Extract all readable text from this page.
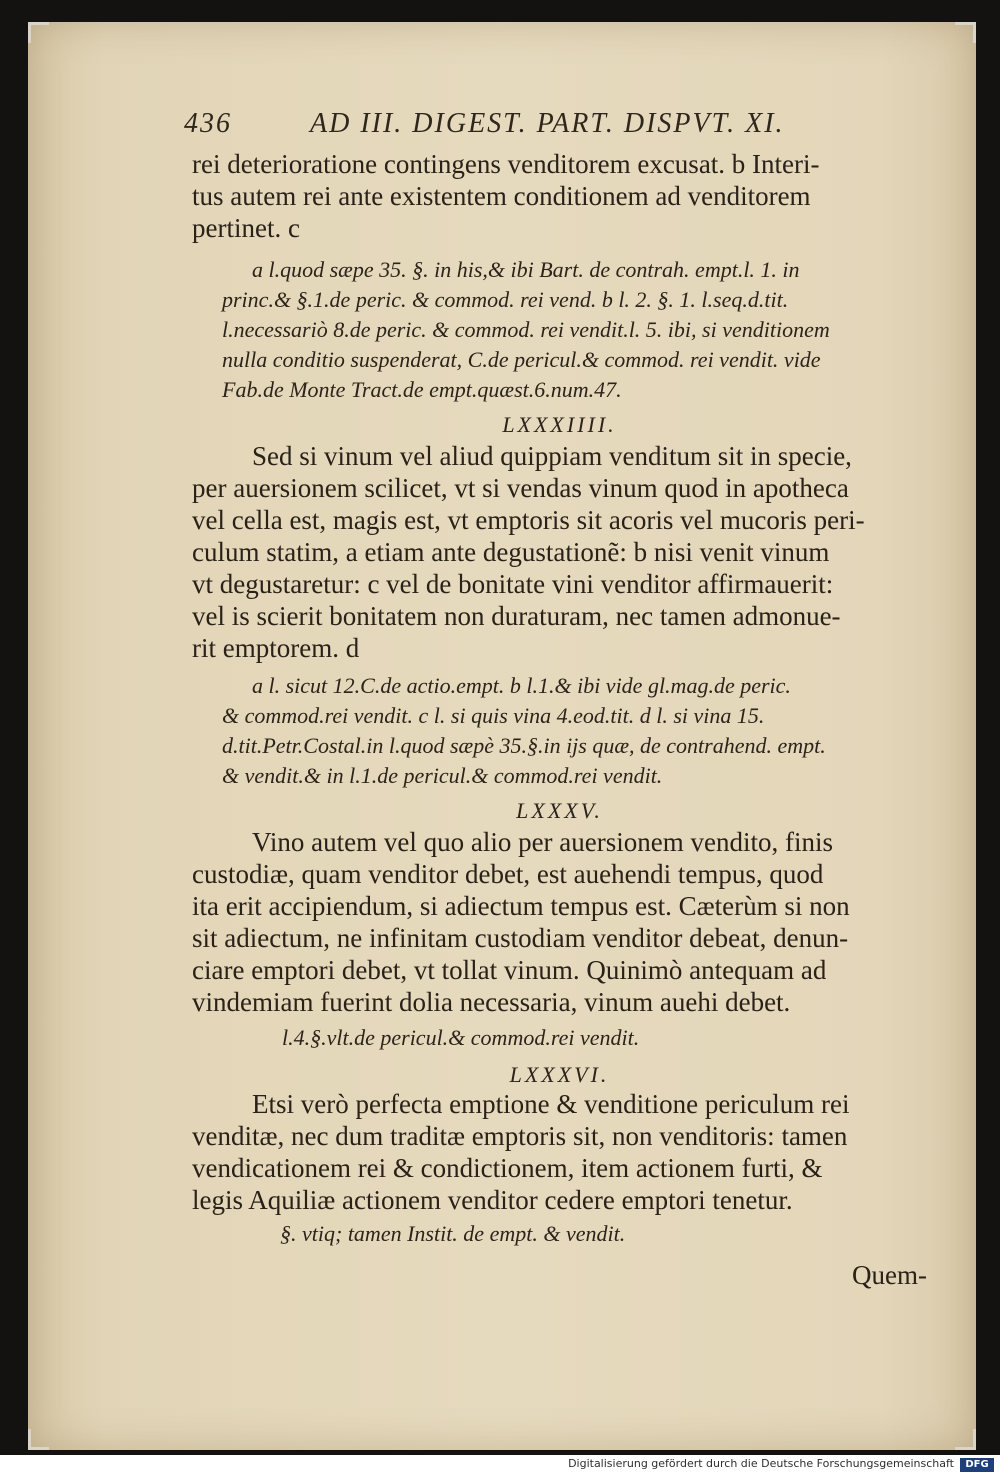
436	AD III. DIGEST. PART. DISPVT. XI.
rei deterioratione contingens venditorem excusat. b Interi-
tus autem rei ante existentem conditionem ad venditorem
pertinet. c
a l.quod sæpe 35. §. in his,& ibi Bart. de contrah. empt.l. 1. in
princ.& §.1.de peric. & commod. rei vend. b l. 2. §. 1. l.seq.d.tit.
l.necessariò 8.de peric. & commod. rei vendit.l. 5. ibi, si venditionem
nulla conditio suspenderat, C.de pericul.& commod. rei vendit. vide
Fab.de Monte Tract.de empt.quæst.6.num.47.
LXXXIIII.
Sed si vinum vel aliud quippiam venditum sit in specie,
per auersionem scilicet, vt si vendas vinum quod in apotheca
vel cella est, magis est, vt emptoris sit acoris vel mucoris peri-
culum statim, a etiam ante degustationẽ: b nisi venit vinum
vt degustaretur: c vel de bonitate vini venditor affirmauerit:
vel is scierit bonitatem non duraturam, nec tamen admonue-
rit emptorem. d
a l. sicut 12.C.de actio.empt. b l.1.& ibi vide gl.mag.de peric.
& commod.rei vendit. c l. si quis vina 4.eod.tit. d l. si vina 15.
d.tit.Petr.Costal.in l.quod sæpè 35.§.in ijs quæ, de contrahend. empt.
& vendit.& in l.1.de pericul.& commod.rei vendit.
LXXXV.
Vino autem vel quo alio per auersionem vendito, finis
custodiæ, quam venditor debet, est auehendi tempus, quod
ita erit accipiendum, si adiectum tempus est. Cæterùm si non
sit adiectum, ne infinitam custodiam venditor debeat, denun-
ciare emptori debet, vt tollat vinum. Quinimò antequam ad
vindemiam fuerint dolia necessaria, vinum auehi debet.
l.4.§.vlt.de pericul.& commod.rei vendit.
LXXXVI.
Etsi verò perfecta emptione & venditione periculum rei
venditæ, nec dum traditæ emptoris sit, non venditoris: tamen
vendicationem rei & condictionem, item actionem furti, &
legis Aquiliæ actionem venditor cedere emptori tenetur.
§. vtiq; tamen Instit. de empt. & vendit.
Quem-
Digitalisierung gefördert durch die Deutsche Forschungsgemeinschaft	DFG
